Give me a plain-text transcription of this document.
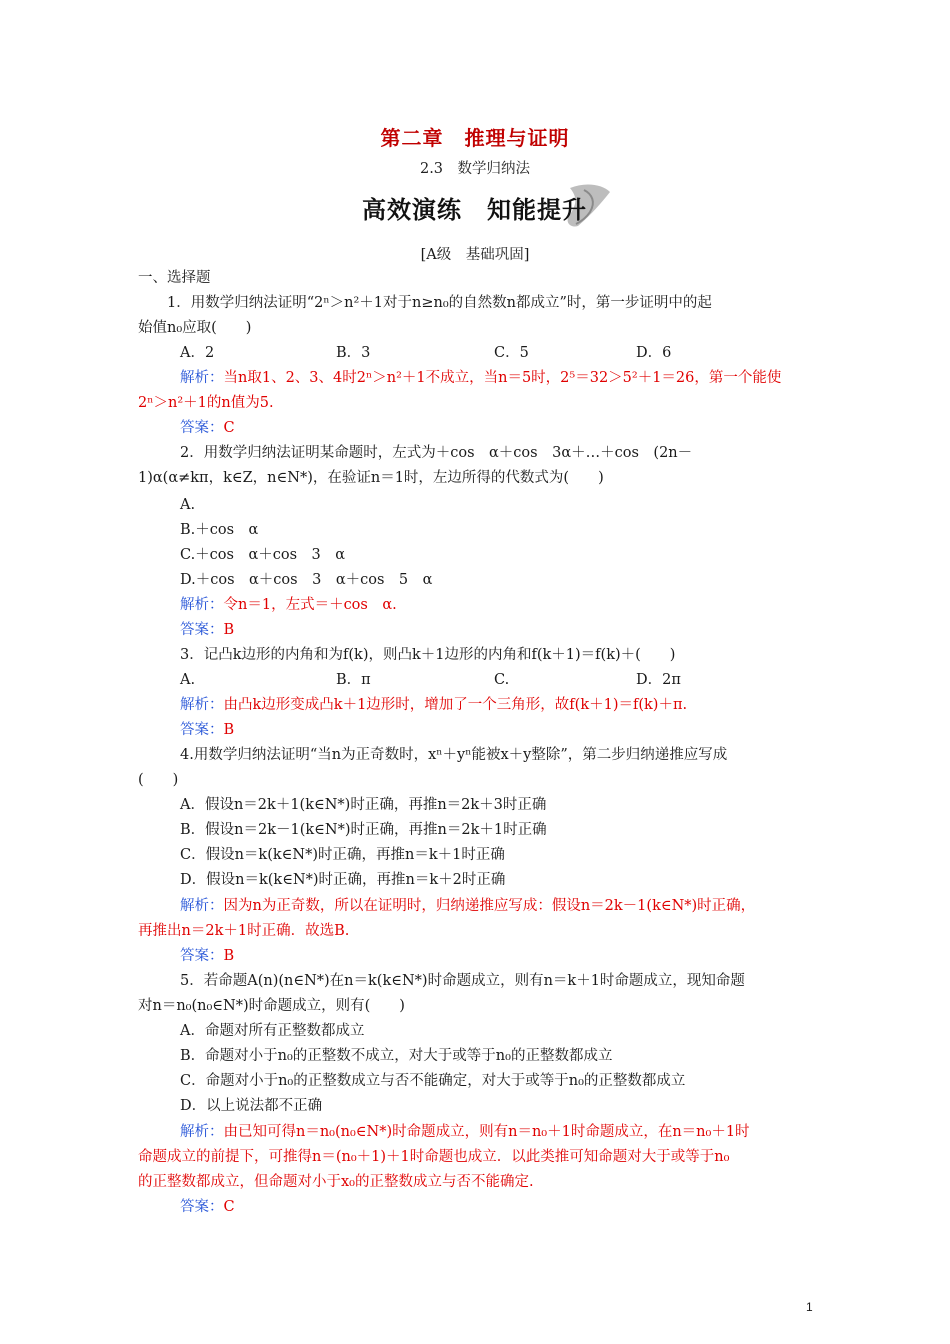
第二章　推理与证明
2.3　数学归纳法
高效演练　知能提升
[A级　基础巩固]
一、选择题
1．用数学归纳法证明“2ⁿ＞n²＋1对于n≥n₀的自然数n都成立”时，第一步证明中的起
始值n₀应取(　　)
A．2	B．3	C．5	D．6
解析：当n取1、2、3、4时2ⁿ＞n²＋1不成立，当n＝5时，2⁵＝32＞5²＋1＝26，第一个能使
2ⁿ＞n²＋1的n值为5.
答案：C
2．用数学归纳法证明某命题时，左式为＋cos　α＋cos　3α＋…＋cos　(2n－
1)α(α≠kπ，k∈Z，n∈N*)，在验证n＝1时，左边所得的代数式为(　　)
A.
B.＋cos　α
C.＋cos　α＋cos　3　α
D.＋cos　α＋cos　3　α＋cos　5　α
解析：令n＝1，左式＝＋cos　α.
答案：B
3．记凸k边形的内角和为f(k)，则凸k＋1边形的内角和f(k＋1)＝f(k)＋(　　)
A.	B．π	C.	D．2π
解析：由凸k边形变成凸k＋1边形时，增加了一个三角形，故f(k＋1)＝f(k)＋π.
答案：B
4.用数学归纳法证明“当n为正奇数时，xⁿ＋yⁿ能被x＋y整除”，第二步归纳递推应写成
(　　)
A．假设n＝2k＋1(k∈N*)时正确，再推n＝2k＋3时正确
B．假设n＝2k－1(k∈N*)时正确，再推n＝2k＋1时正确
C．假设n＝k(k∈N*)时正确，再推n＝k＋1时正确
D．假设n＝k(k∈N*)时正确，再推n＝k＋2时正确
解析：因为n为正奇数，所以在证明时，归纳递推应写成：假设n＝2k－1(k∈N*)时正确，
再推出n＝2k＋1时正确．故选B.
答案：B
5．若命题A(n)(n∈N*)在n＝k(k∈N*)时命题成立，则有n＝k＋1时命题成立，现知命题
对n＝n₀(n₀∈N*)时命题成立，则有(　　)
A．命题对所有正整数都成立
B．命题对小于n₀的正整数不成立，对大于或等于n₀的正整数都成立
C．命题对小于n₀的正整数成立与否不能确定，对大于或等于n₀的正整数都成立
D．以上说法都不正确
解析：由已知可得n＝n₀(n₀∈N*)时命题成立，则有n＝n₀＋1时命题成立，在n＝n₀＋1时
命题成立的前提下，可推得n＝(n₀＋1)＋1时命题也成立．以此类推可知命题对大于或等于n₀
的正整数都成立，但命题对小于x₀的正整数成立与否不能确定.
答案：C
1
